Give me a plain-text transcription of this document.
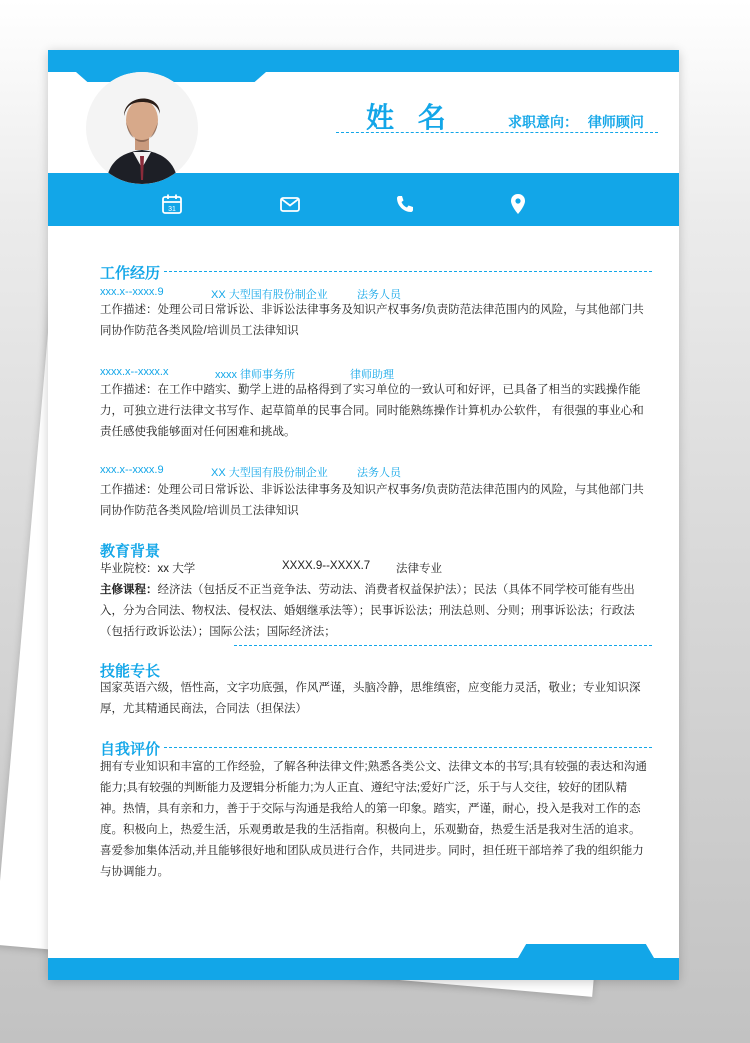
姓 名	求职意向： 律师顾问
31
工作经历
xxx.x--xxxx.9	XX 大型国有股份制企业	法务人员
工作描述：处理公司日常诉讼、非诉讼法律事务及知识产权事务/负责防范法律范围内的风险，与其他部门共同协作防范各类风险/培训员工法律知识
xxxx.x--xxxx.x	xxxx 律师事务所	律师助理
工作描述：在工作中踏实、勤学上进的品格得到了实习单位的一致认可和好评，已具备了相当的实践操作能力，可独立进行法律文书写作、起草简单的民事合同。同时能熟练操作计算机办公软件， 有很强的事业心和责任感使我能够面对任何困难和挑战。
xxx.x--xxxx.9	XX 大型国有股份制企业	法务人员
工作描述：处理公司日常诉讼、非诉讼法律事务及知识产权事务/负责防范法律范围内的风险，与其他部门共同协作防范各类风险/培训员工法律知识
教育背景
毕业院校：xx 大学	XXXX.9--XXXX.7 法律专业
主修课程：经济法（包括反不正当竞争法、劳动法、消费者权益保护法）；民法（具体不同学校可能有些出入，分为合同法、物权法、侵权法、婚姻继承法等）；民事诉讼法；刑法总则、分则；刑事诉讼法；行政法（包括行政诉讼法）；国际公法；国际经济法；
技能专长
国家英语六级，悟性高，文字功底强，作风严谨，头脑冷静，思维缜密，应变能力灵活，敬业；专业知识深厚，尤其精通民商法，合同法（担保法）
自我评价
拥有专业知识和丰富的工作经验，了解各种法律文件;熟悉各类公文、法律文本的书写;具有较强的表达和沟通能力;具有较强的判断能力及逻辑分析能力;为人正直、遵纪守法;爱好广泛，乐于与人交往，较好的团队精神。热情，具有亲和力，善于于交际与沟通是我给人的第一印象。踏实，严谨，耐心，投入是我对工作的态度。积极向上，热爱生活，乐观勇敢是我的生活指南。积极向上，乐观勤奋，热爱生活是我对生活的追求。喜爱参加集体活动,并且能够很好地和团队成员进行合作，共同进步。同时，担任班干部培养了我的组织能力与协调能力。
